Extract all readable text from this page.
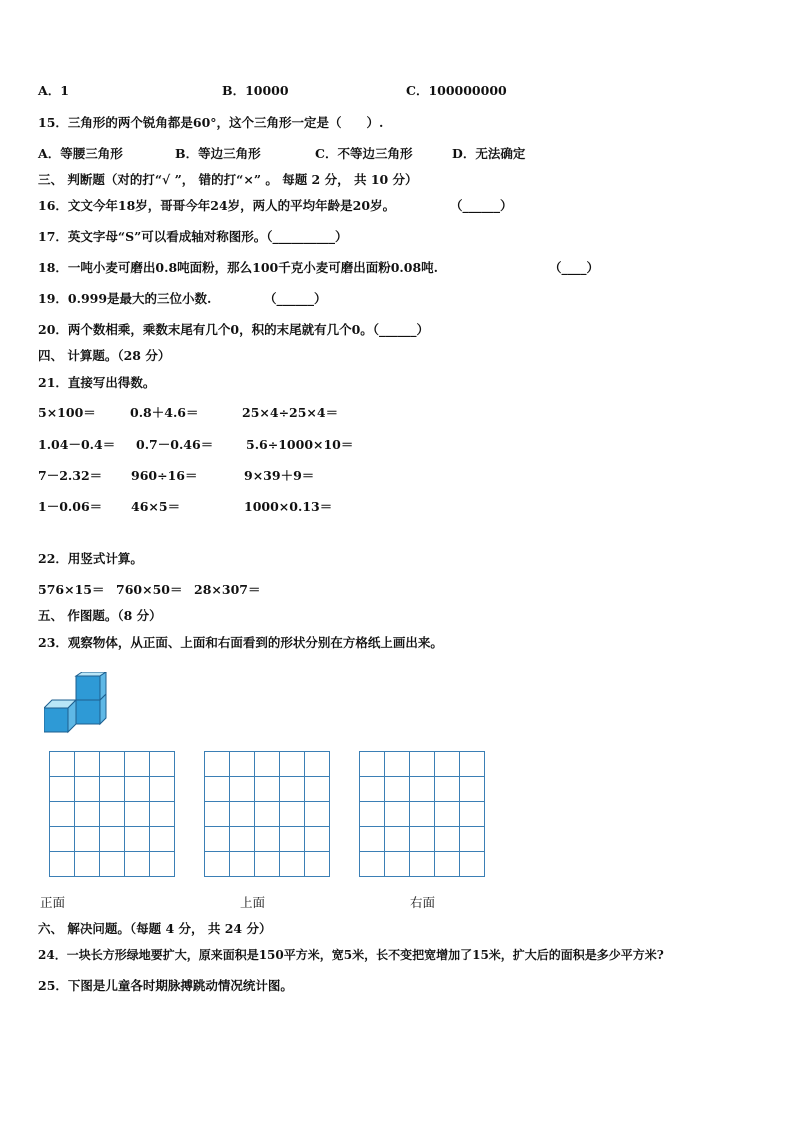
A．1	B．10000	C．100000000
15．三角形的两个锐角都是60°，这个三角形一定是（　　）.
A．等腰三角形	B．等边三角形	C．不等边三角形	D．无法确定
三、 判断题（对的打“√ ”， 错的打“×” 。 每题 2 分， 共 10 分）
16．文文今年18岁，哥哥今年24岁，两人的平均年龄是20岁。	（______）
17．英文字母“S”可以看成轴对称图形。（__________）
18．一吨小麦可磨出0.8吨面粉，那么100千克小麦可磨出面粉0.08吨.	（____）
19．0.999是最大的三位小数.	（______）
20．两个数相乘，乘数末尾有几个0，积的末尾就有几个0。（______）
四、 计算题。（28 分）
21．直接写出得数。
5×100＝	0.8＋4.6＝	25×4÷25×4＝
1.04－0.4＝ 0.7－0.46＝	5.6÷1000×10＝
7－2.32＝ 960÷16＝	9×39＋9＝
1－0.06＝ 46×5＝	1000×0.13＝
22．用竖式计算。
576×15＝ 760×50＝ 28×307＝
五、 作图题。（8 分）
23．观察物体，从正面、上面和右面看到的形状分别在方格纸上画出来。
正面	上面	右面
六、 解决问题。（每题 4 分， 共 24 分）
24．一块长方形绿地要扩大，原来面积是150平方米，宽5米，长不变把宽增加了15米，扩大后的面积是多少平方米?
25．下图是儿童各时期脉搏跳动情况统计图。
